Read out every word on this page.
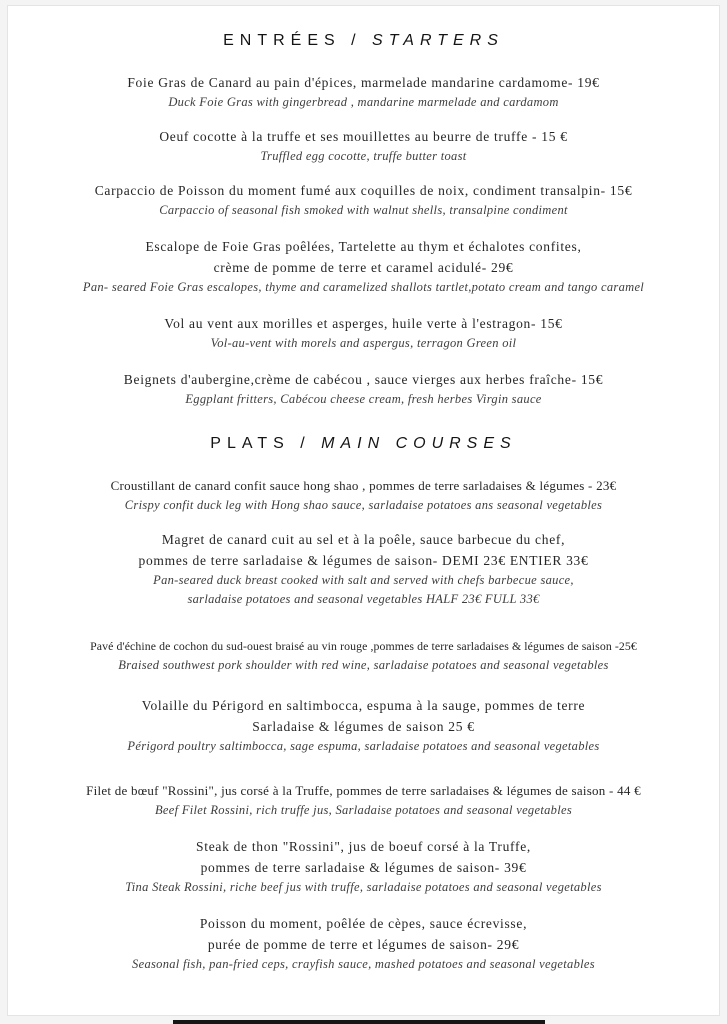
ENTRÉES / STARTERS

Foie Gras de Canard au pain d'épices, marmelade mandarine cardamome- 19€

Duck Foie Gras with gingerbread , mandarine marmelade and cardamom

Oeuf cocotte à la truffe et ses mouillettes au beurre de truffe - 15 €

Truffled egg cocotte, truffe butter toast

Carpaccio de Poisson du moment fumé aux coquilles de noix, condiment transalpin- 15€

Carpaccio of seasonal fish smoked with walnut shells, transalpine condiment

Escalope de Foie Gras poêlées, Tartelette au thym et échalotes confites,

crème de pomme de terre et caramel acidulé- 29€

Pan- seared Foie Gras escalopes, thyme and caramelized shallots tartlet,potato cream and tango caramel

Vol au vent aux morilles et asperges, huile verte à l'estragon- 15€

Vol-au-vent with morels and aspergus, terragon Green oil

Beignets d'aubergine,crème de cabécou , sauce vierges aux herbes fraîche- 15€

Eggplant fritters, Cabécou cheese cream, fresh herbes Virgin sauce

PLATS / MAIN COURSES

Croustillant de canard confit sauce hong shao , pommes de terre sarladaises & légumes - 23€

Crispy confit duck leg with Hong shao sauce, sarladaise potatoes ans seasonal vegetables

Magret de canard cuit au sel et à la poêle, sauce barbecue du chef,

pommes de terre sarladaise & légumes de saison- DEMI 23€ ENTIER 33€

Pan-seared duck breast cooked with salt and served with chefs barbecue sauce,

sarladaise potatoes and seasonal vegetables HALF 23€ FULL 33€

Pavé d'échine de cochon du sud-ouest braisé au vin rouge ,pommes de terre sarladaises & légumes de saison -25€

Braised southwest pork shoulder with red wine, sarladaise potatoes and seasonal vegetables

Volaille du Périgord en saltimbocca, espuma à la sauge, pommes de terre

Sarladaise & légumes de saison 25 €

Périgord poultry saltimbocca, sage espuma, sarladaise potatoes and seasonal vegetables

Filet de bœuf "Rossini", jus corsé à la Truffe, pommes de terre sarladaises & légumes de saison - 44 €

Beef Filet Rossini, rich truffe jus, Sarladaise potatoes and seasonal vegetables

Steak de thon "Rossini", jus de boeuf corsé à la Truffe,

pommes de terre sarladaise & légumes de saison- 39€

Tina Steak Rossini, riche beef jus with truffe, sarladaise potatoes and seasonal vegetables

Poisson du moment, poêlée de cèpes, sauce écrevisse,

purée de pomme de terre et légumes de saison- 29€

Seasonal fish, pan-fried ceps, crayfish sauce, mashed potatoes and seasonal vegetables
